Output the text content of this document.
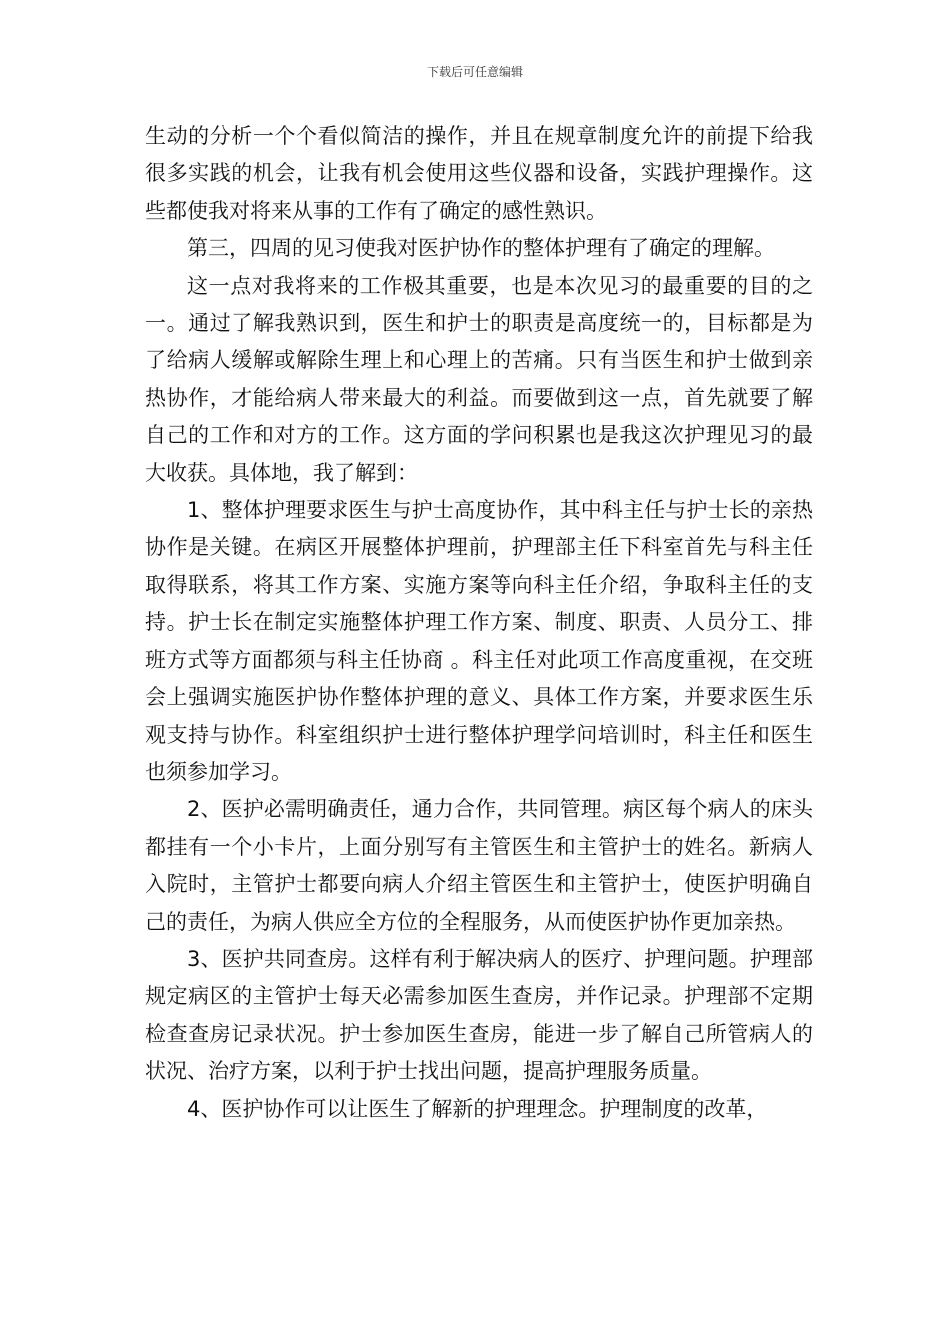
下载后可任意编辑

生动的分析一个个看似简洁的操作，并且在规章制度允许的前提下给我很多实践的机会，让我有机会使用这些仪器和设备，实践护理操作。这些都使我对将来从事的工作有了确定的感性熟识。

第三，四周的见习使我对医护协作的整体护理有了确定的理解。

这一点对我将来的工作极其重要，也是本次见习的最重要的目的之一。通过了解我熟识到，医生和护士的职责是高度统一的，目标都是为了给病人缓解或解除生理上和心理上的苦痛。只有当医生和护士做到亲热协作，才能给病人带来最大的利益。而要做到这一点，首先就要了解自己的工作和对方的工作。这方面的学问积累也是我这次护理见习的最大收获。具体地，我了解到：

1、整体护理要求医生与护士高度协作，其中科主任与护士长的亲热协作是关键。在病区开展整体护理前，护理部主任下科室首先与科主任取得联系，将其工作方案、实施方案等向科主任介绍，争取科主任的支持。护士长在制定实施整体护理工作方案、制度、职责、人员分工、排班方式等方面都须与科主任协商 。科主任对此项工作高度重视，在交班会上强调实施医护协作整体护理的意义、具体工作方案，并要求医生乐观支持与协作。科室组织护士进行整体护理学问培训时，科主任和医生也须参加学习。

2、医护必需明确责任，通力合作，共同管理。病区每个病人的床头都挂有一个小卡片，上面分别写有主管医生和主管护士的姓名。新病人入院时，主管护士都要向病人介绍主管医生和主管护士，使医护明确自己的责任，为病人供应全方位的全程服务，从而使医护协作更加亲热。

3、医护共同查房。这样有利于解决病人的医疗、护理问题。护理部规定病区的主管护士每天必需参加医生查房，并作记录。护理部不定期检查查房记录状况。护士参加医生查房，能进一步了解自己所管病人的状况、治疗方案，以利于护士找出问题，提高护理服务质量。

4、医护协作可以让医生了解新的护理理念。护理制度的改革，
